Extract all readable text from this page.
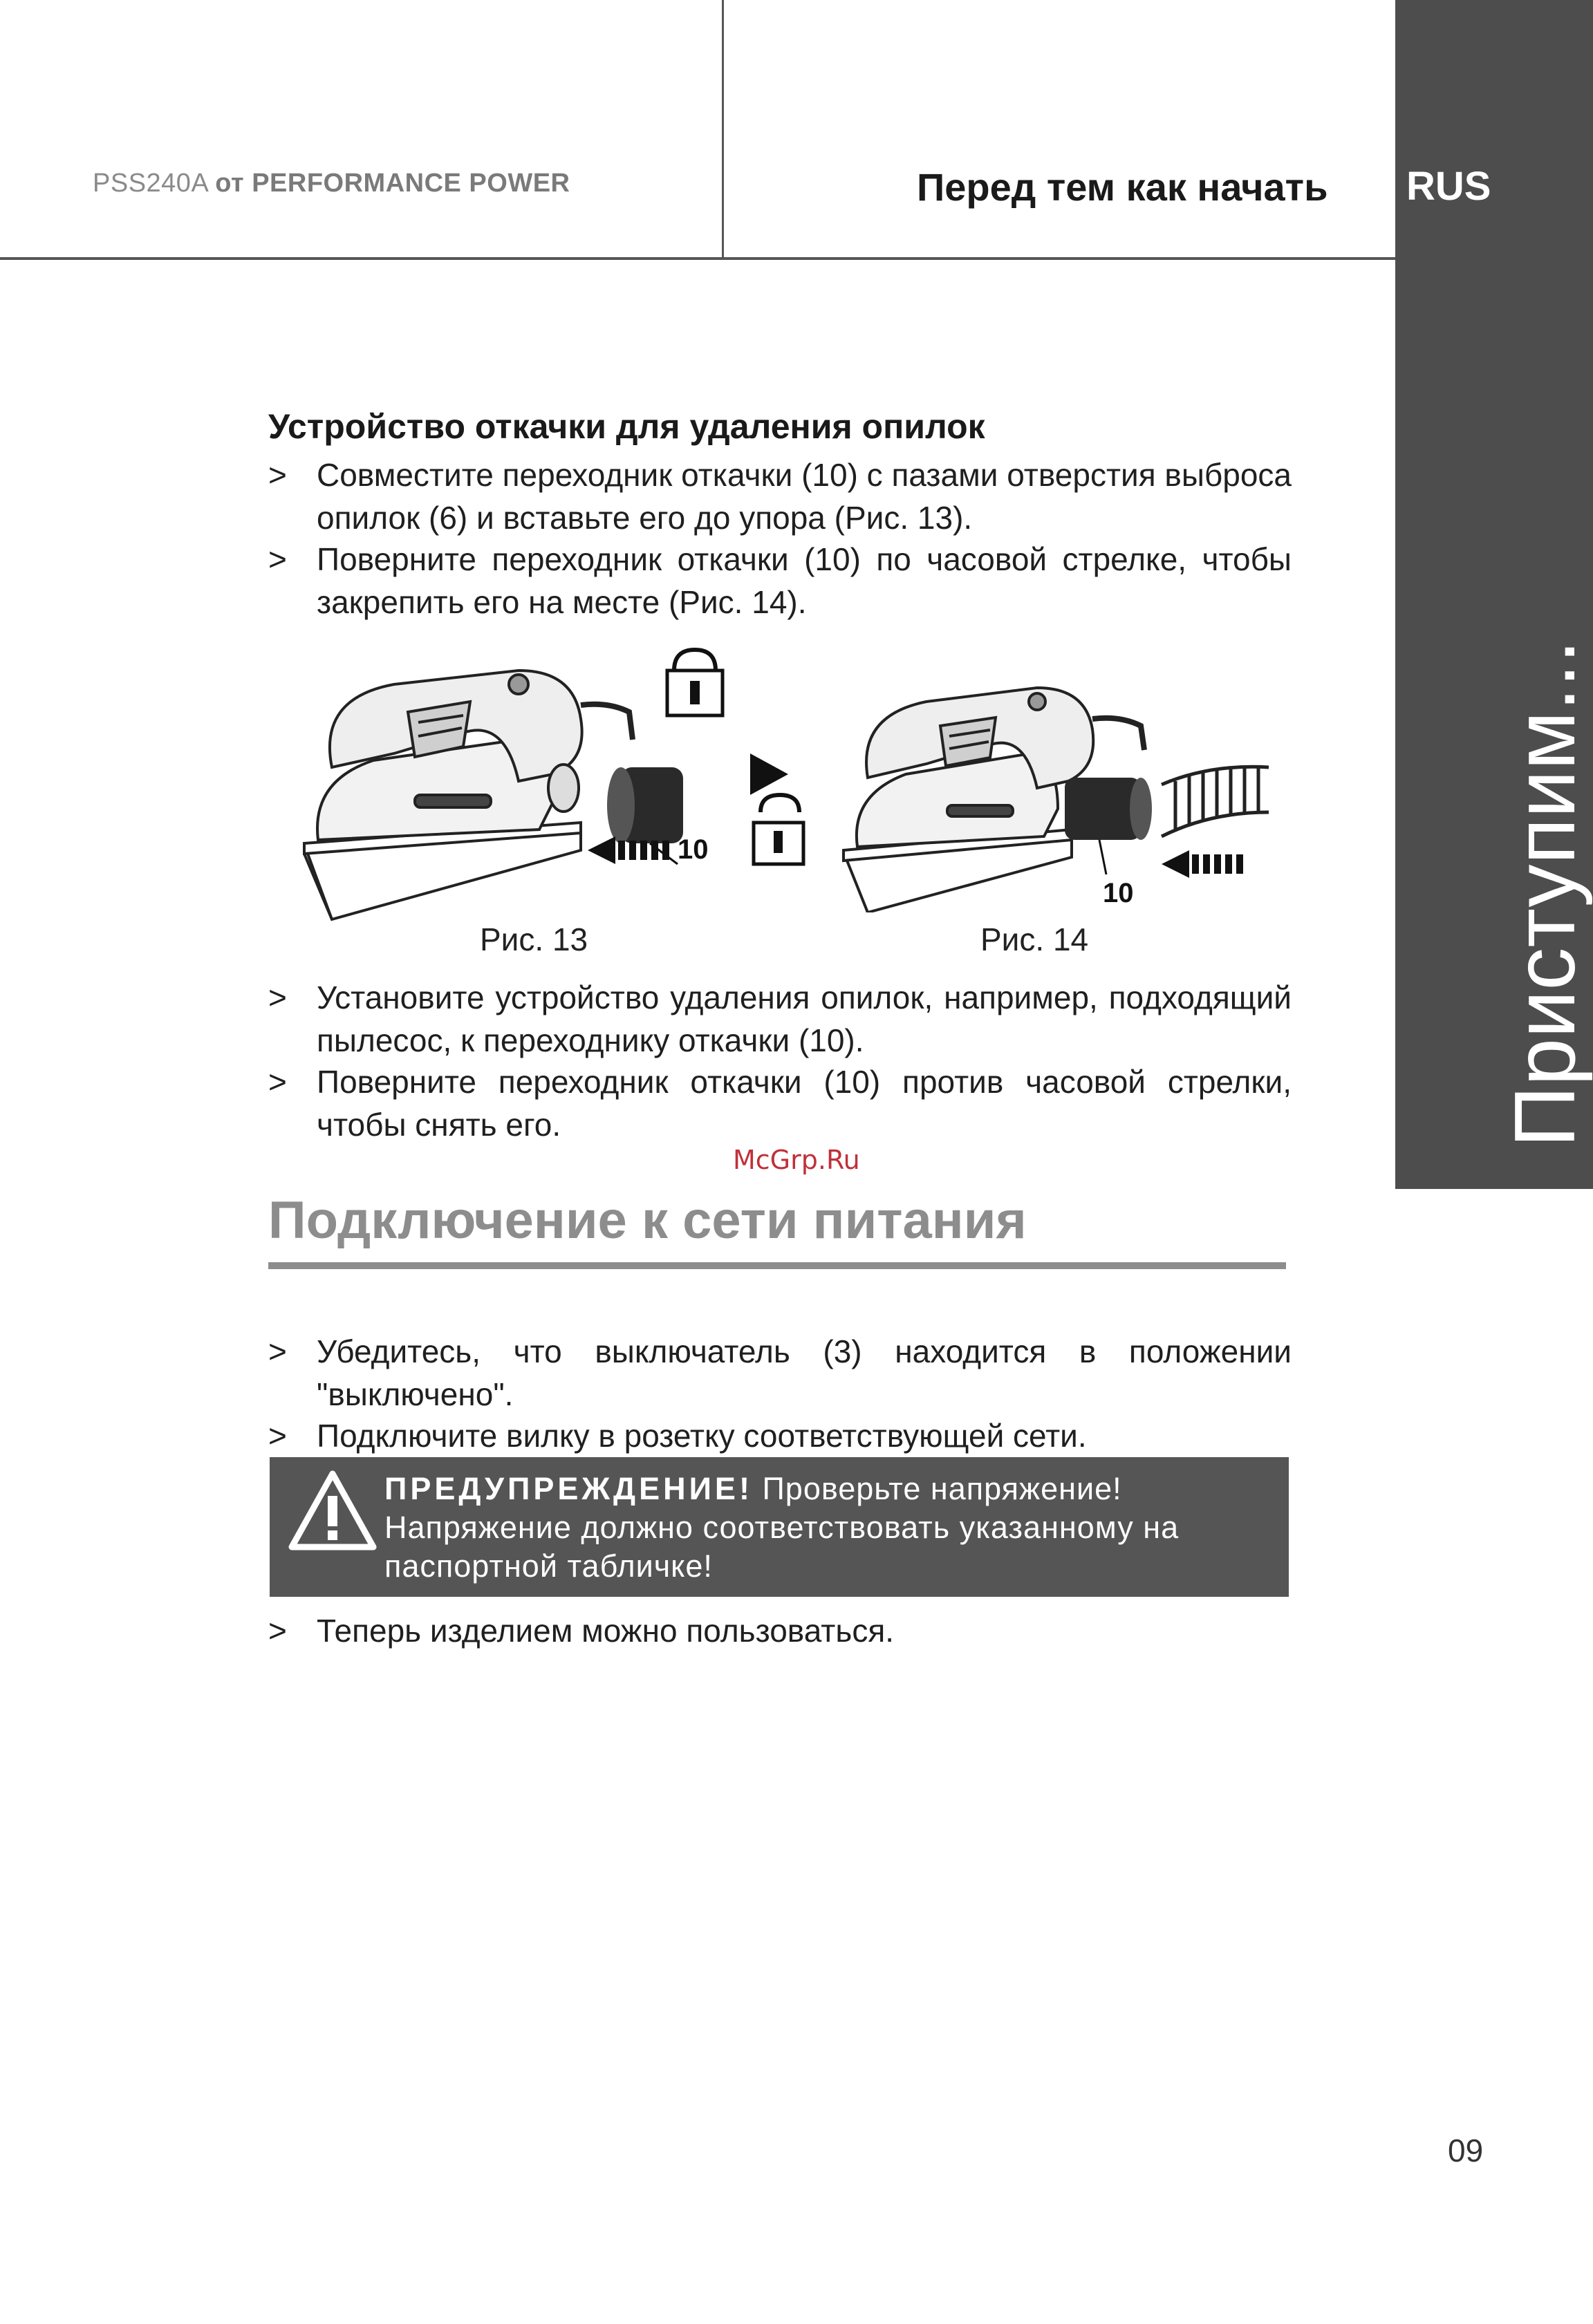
PSS240A от PERFORMANCE POWER	Перед тем как начать RUS
Приступим...
Устройство откачки для удаления опилок
> Совместите переходник откачки (10) с пазами отверстия выброса опилок (6) и вставьте его до упора (Рис. 13).
> Поверните переходник откачки (10) по часовой стрелке, чтобы закрепить его на месте (Рис. 14).
10
10
Рис. 13	Рис. 14
> Установите устройство удаления опилок, например, подходящий пылесос, к переходнику откачки (10).
> Поверните переходник откачки (10) против часовой стрелки, чтобы снять его.
McGrp.Ru
Подключение к сети питания
> Убедитесь, что выключатель (3) находится в положении "выключено".
> Подключите вилку в розетку соответствующей сети.
ПРЕДУПРЕЖДЕНИЕ! Проверьте напряжение! Напряжение должно соответствовать указанному на паспортной табличке!
> Теперь изделием можно пользоваться.
09
